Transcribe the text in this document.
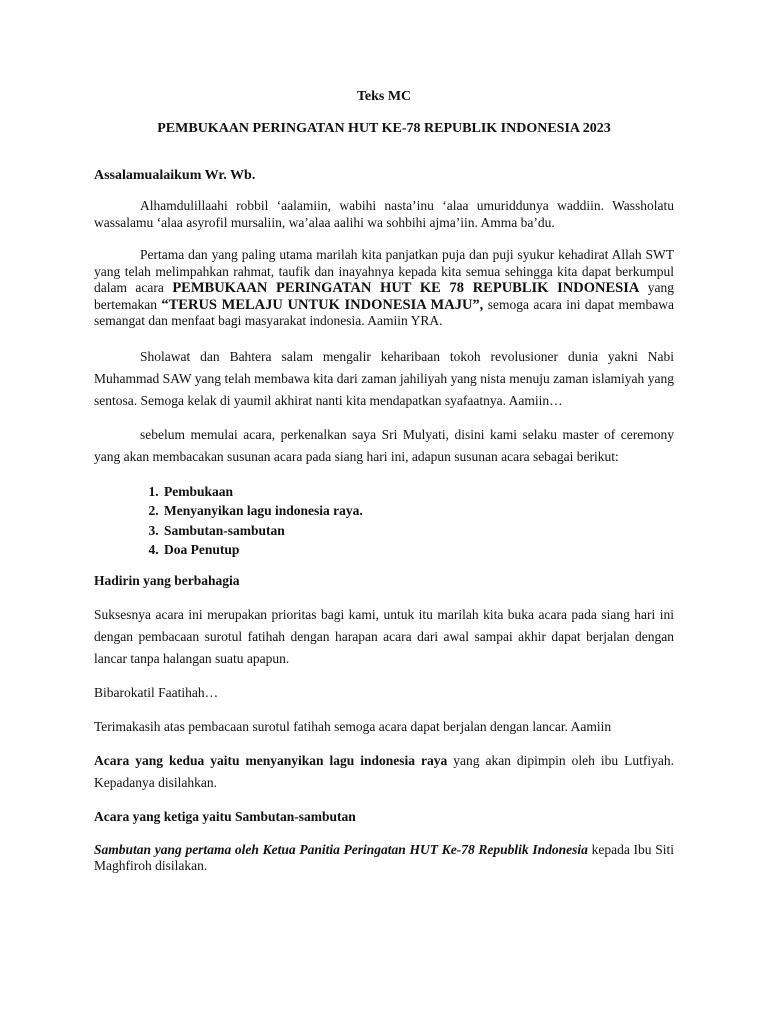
Teks MC
PEMBUKAAN PERINGATAN HUT KE-78 REPUBLIK INDONESIA 2023

Assalamualaikum Wr. Wb.

Alhamdulillaahi robbil ‘aalamiin, wabihi nasta’inu ‘alaa umuriddunya waddiin. Wassholatu wassalamu ‘alaa asyrofil mursaliin, wa’alaa aalihi wa sohbihi ajma’iin. Amma ba’du.

Pertama dan yang paling utama marilah kita panjatkan puja dan puji syukur kehadirat Allah SWT yang telah melimpahkan rahmat, taufik dan inayahnya kepada kita semua sehingga kita dapat berkumpul dalam acara PEMBUKAAN PERINGATAN HUT KE 78 REPUBLIK INDONESIA yang bertemakan “TERUS MELAJU UNTUK INDONESIA MAJU”, semoga acara ini dapat membawa semangat dan menfaat bagi masyarakat indonesia. Aamiin YRA.

Sholawat dan Bahtera salam mengalir keharibaan tokoh revolusioner dunia yakni Nabi Muhammad SAW yang telah membawa kita dari zaman jahiliyah yang nista menuju zaman islamiyah yang sentosa. Semoga kelak di yaumil akhirat nanti kita mendapatkan syafaatnya. Aamiin…

sebelum memulai acara, perkenalkan saya Sri Mulyati, disini kami selaku master of ceremony yang akan membacakan susunan acara pada siang hari ini, adapun susunan acara sebagai berikut:

1. Pembukaan
2. Menyanyikan lagu indonesia raya.
3. Sambutan-sambutan
4. Doa Penutup

Hadirin yang berbahagia

Suksesnya acara ini merupakan prioritas bagi kami, untuk itu marilah kita buka acara pada siang hari ini dengan pembacaan surotul fatihah dengan harapan acara dari awal sampai akhir dapat berjalan dengan lancar tanpa halangan suatu apapun.

Bibarokatil Faatihah…

Terimakasih atas pembacaan surotul fatihah semoga acara dapat berjalan dengan lancar. Aamiin

Acara yang kedua yaitu menyanyikan lagu indonesia raya yang akan dipimpin oleh ibu Lutfiyah. Kepadanya disilahkan.

Acara yang ketiga yaitu Sambutan-sambutan

Sambutan yang pertama oleh Ketua Panitia Peringatan HUT Ke-78 Republik Indonesia kepada Ibu Siti Maghfiroh disilakan.
